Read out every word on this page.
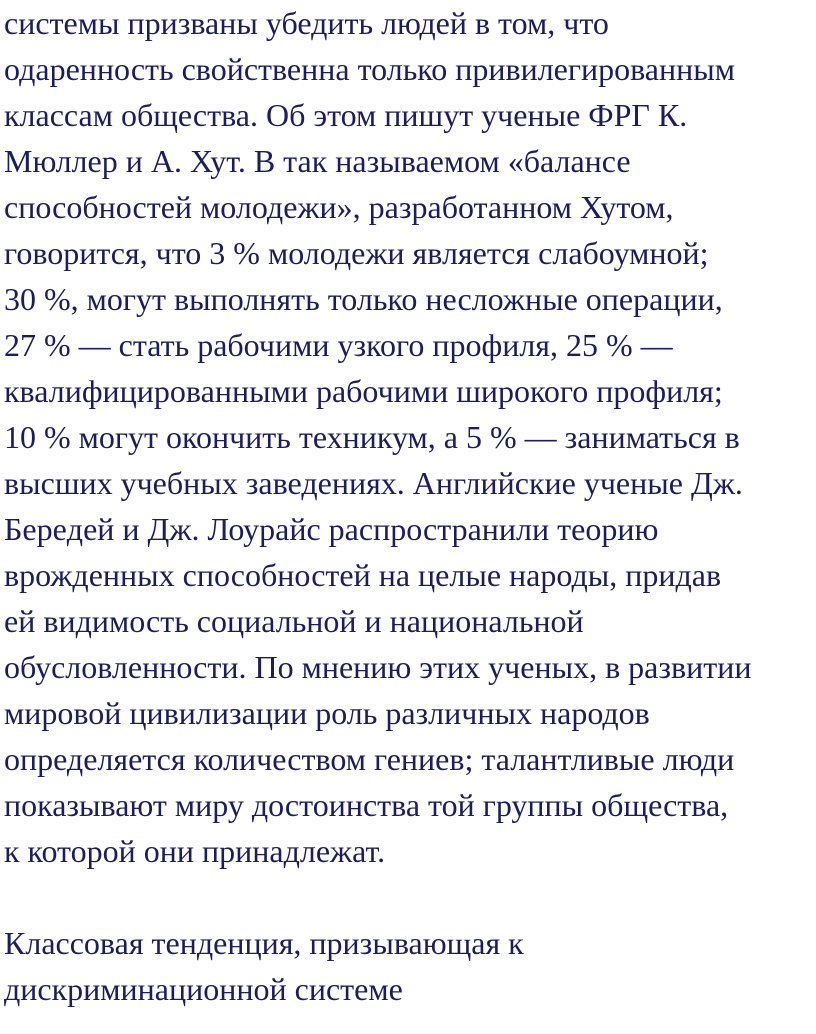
системы призваны убедить людей в том, что
одаренность свойственна только привилегированным
классам общества. Об этом пишут ученые ФРГ К.
Мюллер и А. Хут. В так называемом «балансе
способностей молодежи», разработанном Хутом,
говорится, что 3 % молодежи является слабоумной;
30 %, могут выполнять только несложные операции,
27 % — стать рабочими узкого профиля, 25 % —
квалифицированными рабочими широкого профиля;
10 % могут окончить техникум, а 5 % — заниматься в
высших учебных заведениях. Английские ученые Дж.
Берeдей и Дж. Лоурайс распространили теорию
врожденных способностей на целые народы, придав
ей видимость социальной и национальной
обусловленности. По мнению этих ученых, в развитии
мировой цивилизации роль различных народов
определяется количеством гениев; талантливые люди
показывают миру достоинства той группы общества,
к которой они принадлежат.
Классовая тенденция, призывающая к
дискриминационной системе
